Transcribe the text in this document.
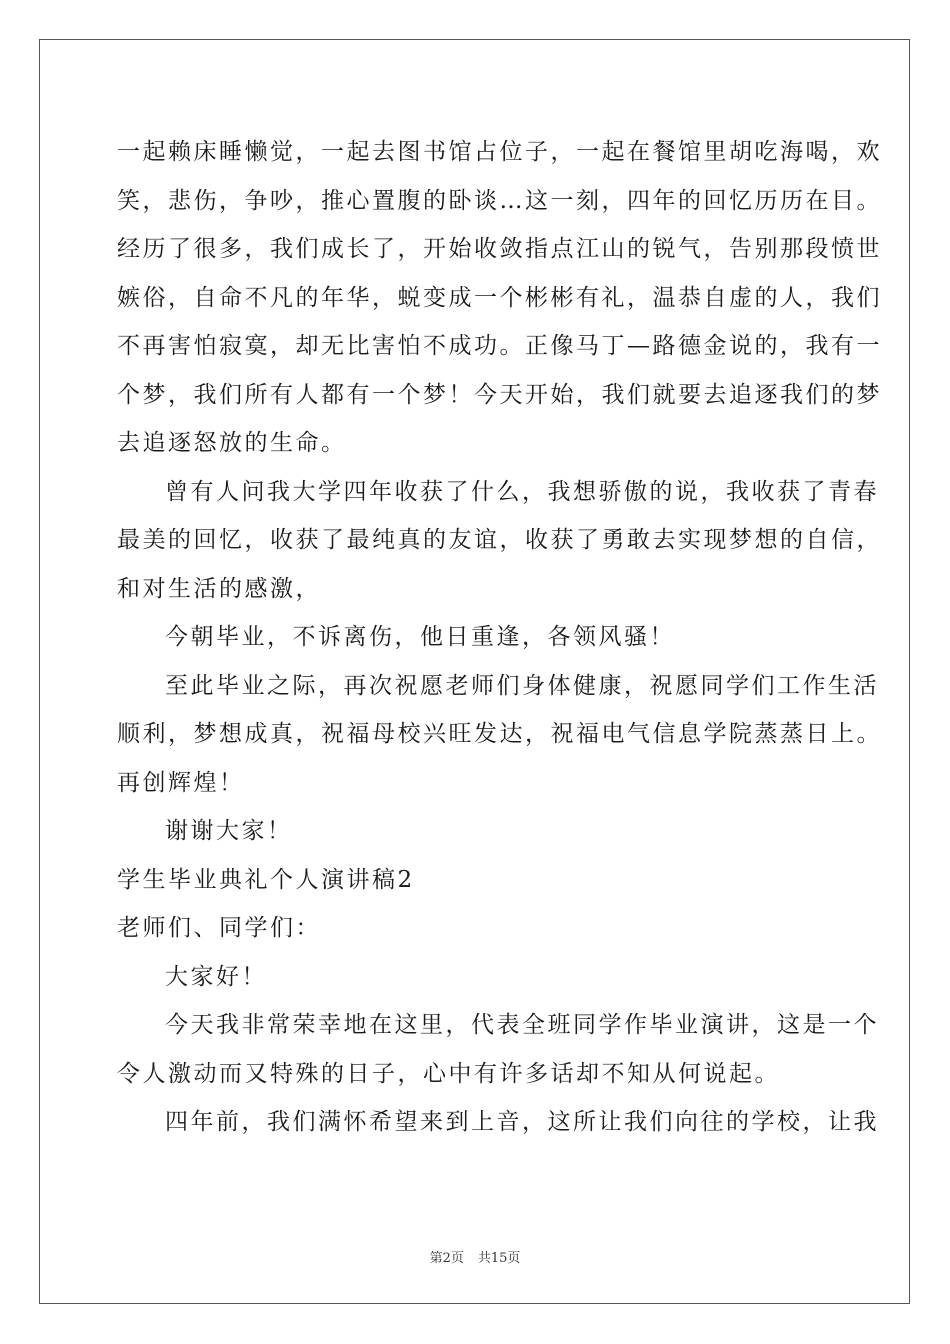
一起赖床睡懒觉，一起去图书馆占位子，一起在餐馆里胡吃海喝，欢

笑，悲伤，争吵，推心置腹的卧谈…这一刻，四年的回忆历历在目。

经历了很多，我们成长了，开始收敛指点江山的锐气，告别那段愤世

嫉俗，自命不凡的年华，蜕变成一个彬彬有礼，温恭自虚的人，我们

不再害怕寂寞，却无比害怕不成功。正像马丁—路德金说的，我有一

个梦，我们所有人都有一个梦！今天开始，我们就要去追逐我们的梦

去追逐怒放的生命。

曾有人问我大学四年收获了什么，我想骄傲的说，我收获了青春

最美的回忆，收获了最纯真的友谊，收获了勇敢去实现梦想的自信，

和对生活的感激，

今朝毕业，不诉离伤，他日重逢，各领风骚！

至此毕业之际，再次祝愿老师们身体健康，祝愿同学们工作生活

顺利，梦想成真，祝福母校兴旺发达，祝福电气信息学院蒸蒸日上。

再创辉煌！

谢谢大家！

学生毕业典礼个人演讲稿2

老师们、同学们：

大家好！

今天我非常荣幸地在这里，代表全班同学作毕业演讲，这是一个

令人激动而又特殊的日子，心中有许多话却不知从何说起。

四年前，我们满怀希望来到上音，这所让我们向往的学校，让我

第2页 共15页
